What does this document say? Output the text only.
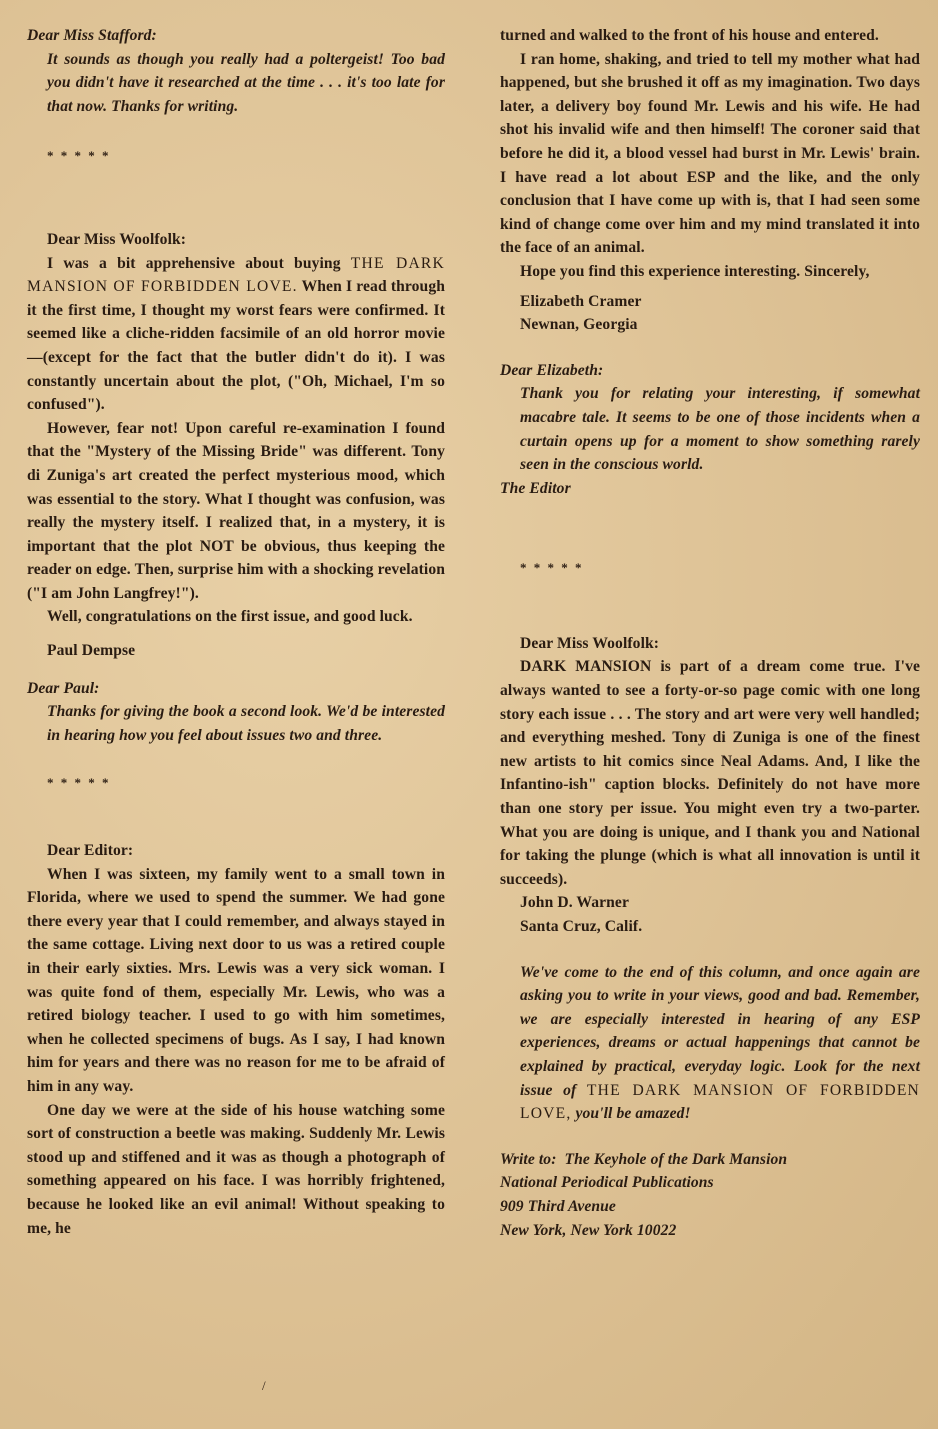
Dear Miss Stafford:

It sounds as though you really had a poltergeist! Too bad you didn't have it researched at the time . . . it's too late for that now. Thanks for writing.

* * * * *

Dear Miss Woolfolk:

I was a bit apprehensive about buying THE DARK MANSION OF FORBIDDEN LOVE. When I read through it the first time, I thought my worst fears were confirmed. It seemed like a cliche-ridden facsimile of an old horror movie—(except for the fact that the butler didn't do it). I was constantly uncertain about the plot, ("Oh, Michael, I'm so confused").

However, fear not! Upon careful re-examination I found that the "Mystery of the Missing Bride" was different. Tony di Zuniga's art created the perfect mysterious mood, which was essential to the story. What I thought was confusion, was really the mystery itself. I realized that, in a mystery, it is important that the plot NOT be obvious, thus keeping the reader on edge. Then, surprise him with a shocking revelation ("I am John Langfrey!").

Well, congratulations on the first issue, and good luck.

Paul Dempse

Dear Paul:

Thanks for giving the book a second look. We'd be interested in hearing how you feel about issues two and three.

* * * * *

Dear Editor:

When I was sixteen, my family went to a small town in Florida, where we used to spend the summer. We had gone there every year that I could remember, and always stayed in the same cottage. Living next door to us was a retired couple in their early sixties. Mrs. Lewis was a very sick woman. I was quite fond of them, especially Mr. Lewis, who was a retired biology teacher. I used to go with him sometimes, when he collected specimens of bugs. As I say, I had known him for years and there was no reason for me to be afraid of him in any way.

One day we were at the side of his house watching some sort of construction a beetle was making. Suddenly Mr. Lewis stood up and stiffened and it was as though a photograph of something appeared on his face. I was horribly frightened, because he looked like an evil animal! Without speaking to me, he

turned and walked to the front of his house and entered.

I ran home, shaking, and tried to tell my mother what had happened, but she brushed it off as my imagination. Two days later, a delivery boy found Mr. Lewis and his wife. He had shot his invalid wife and then himself! The coroner said that before he did it, a blood vessel had burst in Mr. Lewis' brain. I have read a lot about ESP and the like, and the only conclusion that I have come up with is, that I had seen some kind of change come over him and my mind translated it into the face of an animal.

Hope you find this experience interesting. Sincerely,

Elizabeth Cramer

Newnan, Georgia

Dear Elizabeth:

Thank you for relating your interesting, if somewhat macabre tale. It seems to be one of those incidents when a curtain opens up for a moment to show something rarely seen in the conscious world.

The Editor

* * * * *

Dear Miss Woolfolk:

DARK MANSION is part of a dream come true. I've always wanted to see a forty-or-so page comic with one long story each issue . . . The story and art were very well handled; and everything meshed. Tony di Zuniga is one of the finest new artists to hit comics since Neal Adams. And, I like the Infantino-ish" caption blocks. Definitely do not have more than one story per issue. You might even try a two-parter. What you are doing is unique, and I thank you and National for taking the plunge (which is what all innovation is until it succeeds).

John D. Warner

Santa Cruz, Calif.

We've come to the end of this column, and once again are asking you to write in your views, good and bad. Remember, we are especially interested in hearing of any ESP experiences, dreams or actual happenings that cannot be explained by practical, everyday logic. Look for the next issue of THE DARK MANSION OF FORBIDDEN LOVE, you'll be amazed!

Write to: The Keyhole of the Dark Mansion
National Periodical Publications
909 Third Avenue
New York, New York 10022
/
